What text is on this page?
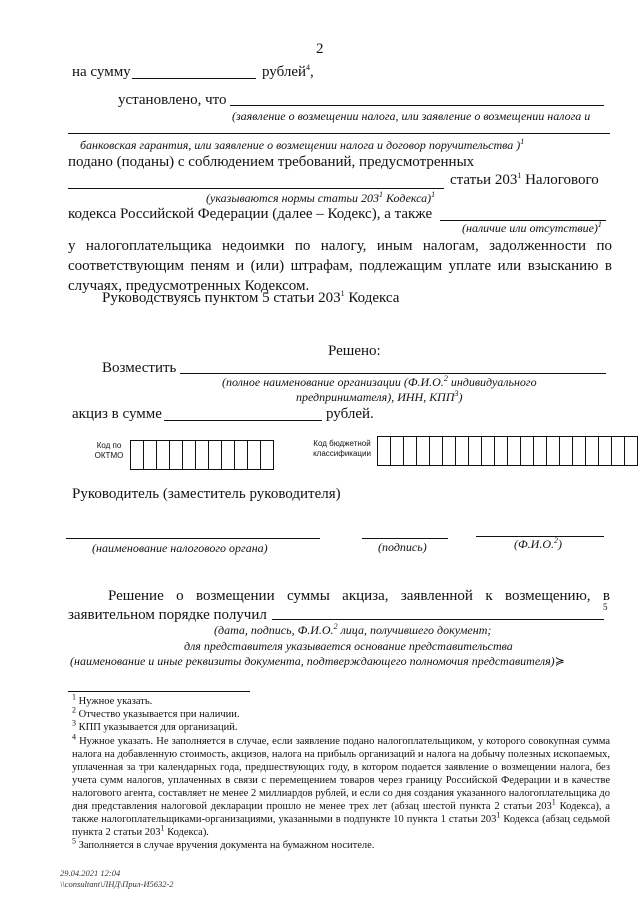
2
на сумму	рублей$^4$,
установлено, что
(заявление о возмещении налога, или заявление о возмещении налога и
банковская гарантия, или заявление о возмещении налога и договор поручительства )$^1$
подано (поданы) с соблюдением требований, предусмотренных
статьи $203^1$ Налогового
(указываются нормы статьи $203^1$ Кодекса)$^1$
кодекса Российской Федерации (далее – Кодекс), а также
(наличие или отсутствие)$^1$
у налогоплательщика недоимки по налогу, иным налогам, задолженности по соответствующим пеням и (или) штрафам, подлежащим уплате или взысканию в случаях, предусмотренных Кодексом.
Руководствуясь пунктом 5 статьи $203^1$ Кодекса
Решено:
Возместить
(полное наименование организации (Ф.И.О.$^2$ индивидуального
предпринимателя), ИНН, КПП$^3$)
акциз в сумме	рублей.
Код по ОКТМО
Код бюджетной классификации
Руководитель (заместитель руководителя)
(наименование налогового органа)	(подпись)	(Ф.И.О.$^2$)
Решение о возмещении суммы акциза, заявленной к возмещению, в
заявительном порядке получил	5
(дата, подпись, Ф.И.О.$^2$ лица, получившего документ;
для представителя указывается основание представительства
(наименование и иные реквизиты документа, подтверждающего полномочия представителя)≽
$^1$ Нужное указать.
$^2$ Отчество указывается при наличии.
$^3$ КПП указывается для организаций.
$^4$ Нужное указать. Не заполняется в случае, если заявление подано налогоплательщиком, у которого совокупная сумма налога на добавленную стоимость, акцизов, налога на прибыль организаций и налога на добычу полезных ископаемых, уплаченная за три календарных года, предшествующих году, в котором подается заявление о возмещении налога, без учета сумм налогов, уплаченных в связи с перемещением товаров через границу Российской Федерации и в качестве налогового агента, составляет не менее 2 миллиардов рублей, и если со дня создания указанного налогоплательщика до дня представления налоговой декларации прошло не менее трех лет (абзац шестой пункта 2 статьи $203^1$ Кодекса), а также налогоплательщиками-организациями, указанными в подпункте 10 пункта 1 статьи $203^1$ Кодекса (абзац седьмой пункта 2 статьи $203^1$ Кодекса).
$^5$ Заполняется в случае вручения документа на бумажном носителе.
29.04.2021 12:04
\\consultant\ЛНД\Прил-И5632-2
